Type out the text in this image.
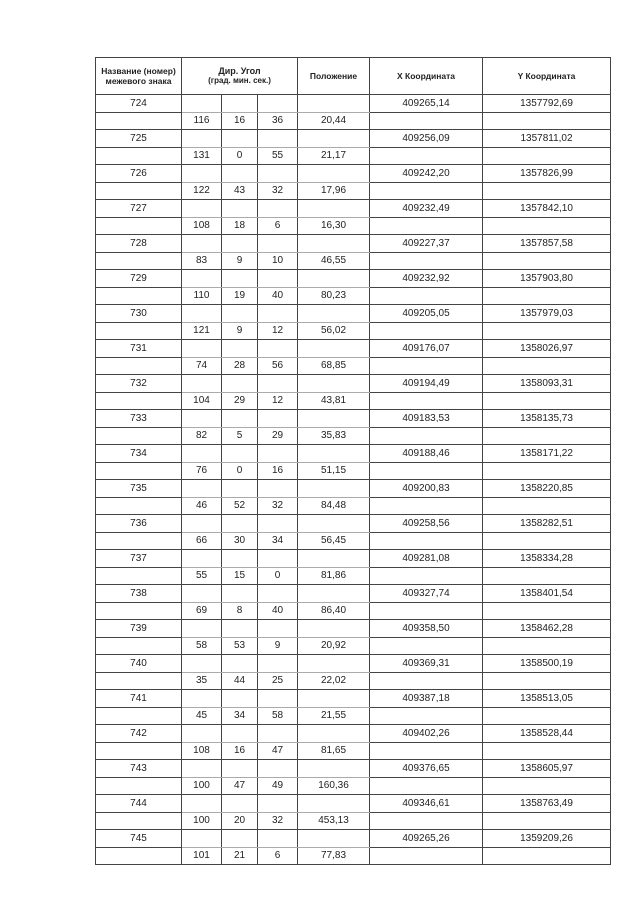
Название (номер) межевого знака	Дир. Угол
(град. мин. сек.)			Положение	X Координата	Y Координата
724					409265,14	1357792,69
	116	16	36	20,44		
725					409256,09	1357811,02
	131	0	55	21,17		
726					409242,20	1357826,99
	122	43	32	17,96		
727					409232,49	1357842,10
	108	18	6	16,30		
728					409227,37	1357857,58
	83	9	10	46,55		
729					409232,92	1357903,80
	110	19	40	80,23		
730					409205,05	1357979,03
	121	9	12	56,02		
731					409176,07	1358026,97
	74	28	56	68,85		
732					409194,49	1358093,31
	104	29	12	43,81		
733					409183,53	1358135,73
	82	5	29	35,83		
734					409188,46	1358171,22
	76	0	16	51,15		
735					409200,83	1358220,85
	46	52	32	84,48		
736					409258,56	1358282,51
	66	30	34	56,45		
737					409281,08	1358334,28
	55	15	0	81,86		
738					409327,74	1358401,54
	69	8	40	86,40		
739					409358,50	1358462,28
	58	53	9	20,92		
740					409369,31	1358500,19
	35	44	25	22,02		
741					409387,18	1358513,05
	45	34	58	21,55		
742					409402,26	1358528,44
	108	16	47	81,65		
743					409376,65	1358605,97
	100	47	49	160,36		
744					409346,61	1358763,49
	100	20	32	453,13		
745					409265,26	1359209,26
	101	21	6	77,83		
